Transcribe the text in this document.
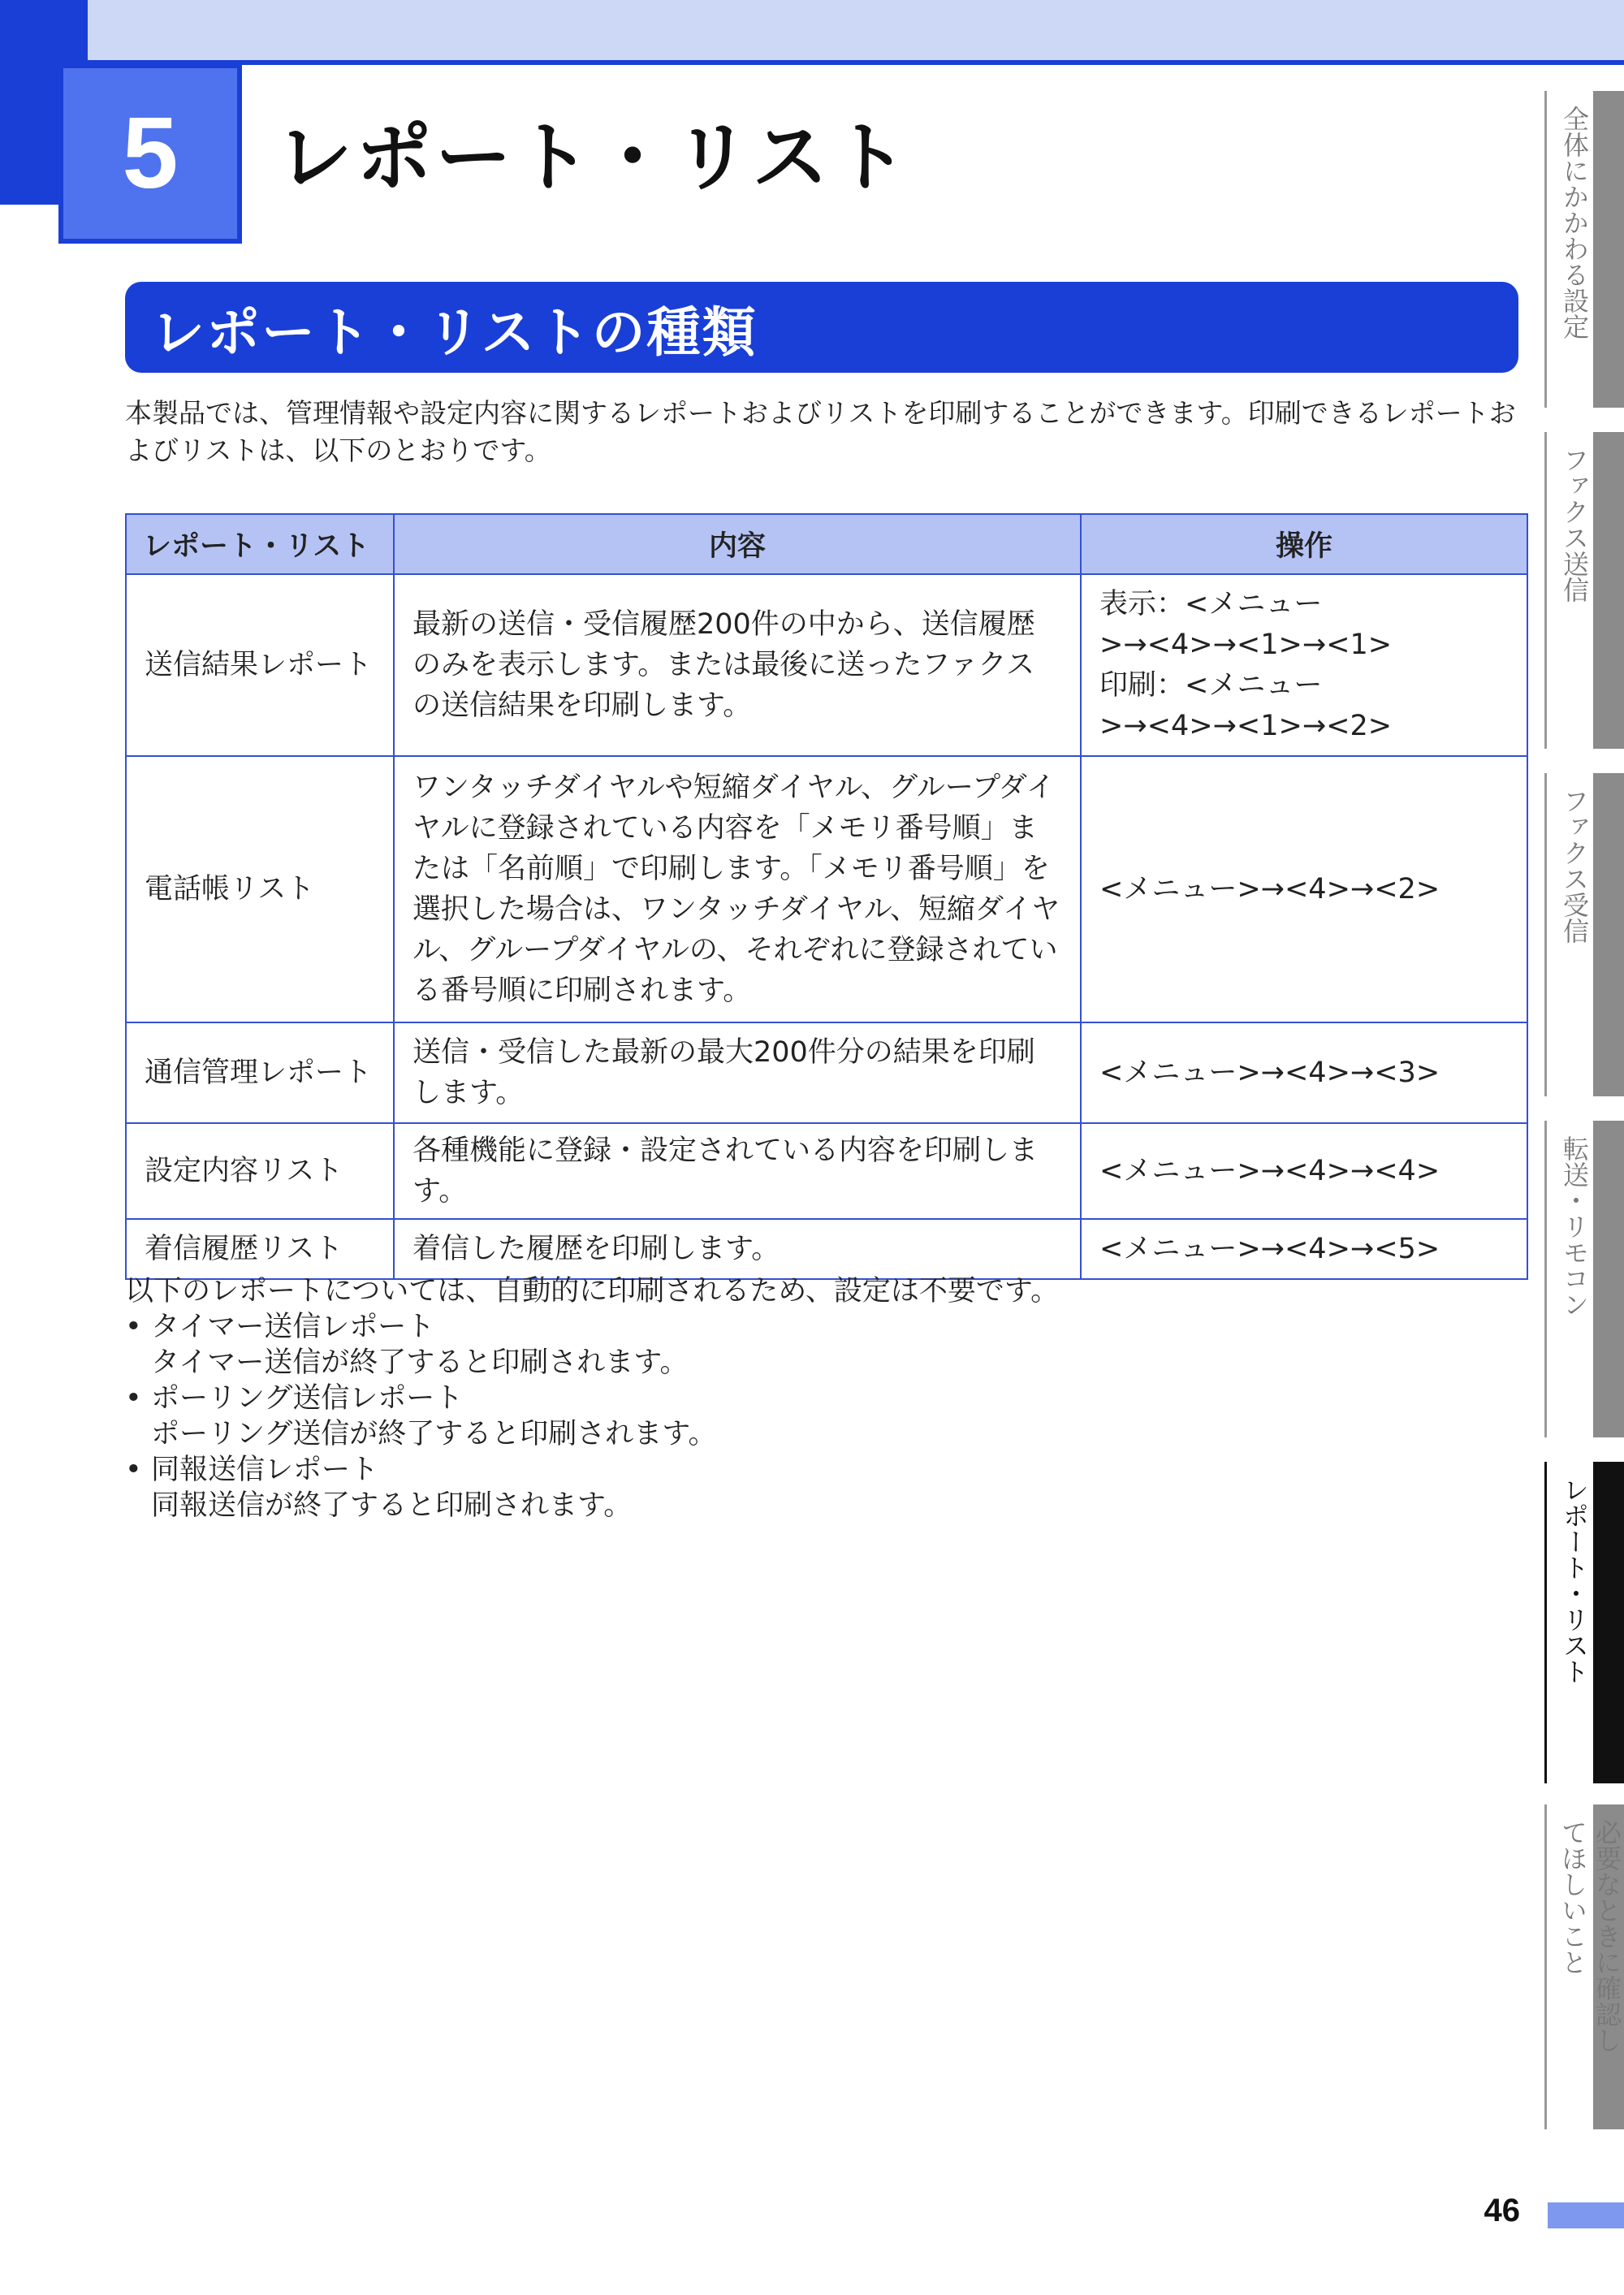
5	レポート・リスト
レポート・リストの種類
本製品では、管理情報や設定内容に関するレポートおよびリストを印刷することができます。印刷できるレポートおよびリストは、以下のとおりです。
レポート・リスト	内容	操作
送信結果レポート	最新の送信・受信履歴200件の中から、送信履歴のみを表示します。または最後に送ったファクスの送信結果を印刷します。	表示：<メニュー>→<4>→<1>→<1>
印刷：<メニュー>→<4>→<1>→<2>

電話帳リスト	ワンタッチダイヤルや短縮ダイヤル、グループダイヤルに登録されている内容を「メモリ番号順」または「名前順」で印刷します。「メモリ番号順」を選択した場合は、ワンタッチダイヤル、短縮ダイヤル、グループダイヤルの、それぞれに登録されている番号順に印刷されます。	<メニュー>→<4>→<2>

通信管理レポート	送信・受信した最新の最大200件分の結果を印刷します。	<メニュー>→<4>→<3>

設定内容リスト	各種機能に登録・設定されている内容を印刷します。	<メニュー>→<4>→<4>

着信履歴リスト	着信した履歴を印刷します。	<メニュー>→<4>→<5>
以下のレポートについては、自動的に印刷されるため、設定は不要です。
• タイマー送信レポート
タイマー送信が終了すると印刷されます。
• ポーリング送信レポート
ポーリング送信が終了すると印刷されます。
• 同報送信レポート
同報送信が終了すると印刷されます。
全体にかかわる設定
ファクス送信
ファクス受信
転送・リモコン
レポート・リスト
必要なときに確認してほしいこと
46
